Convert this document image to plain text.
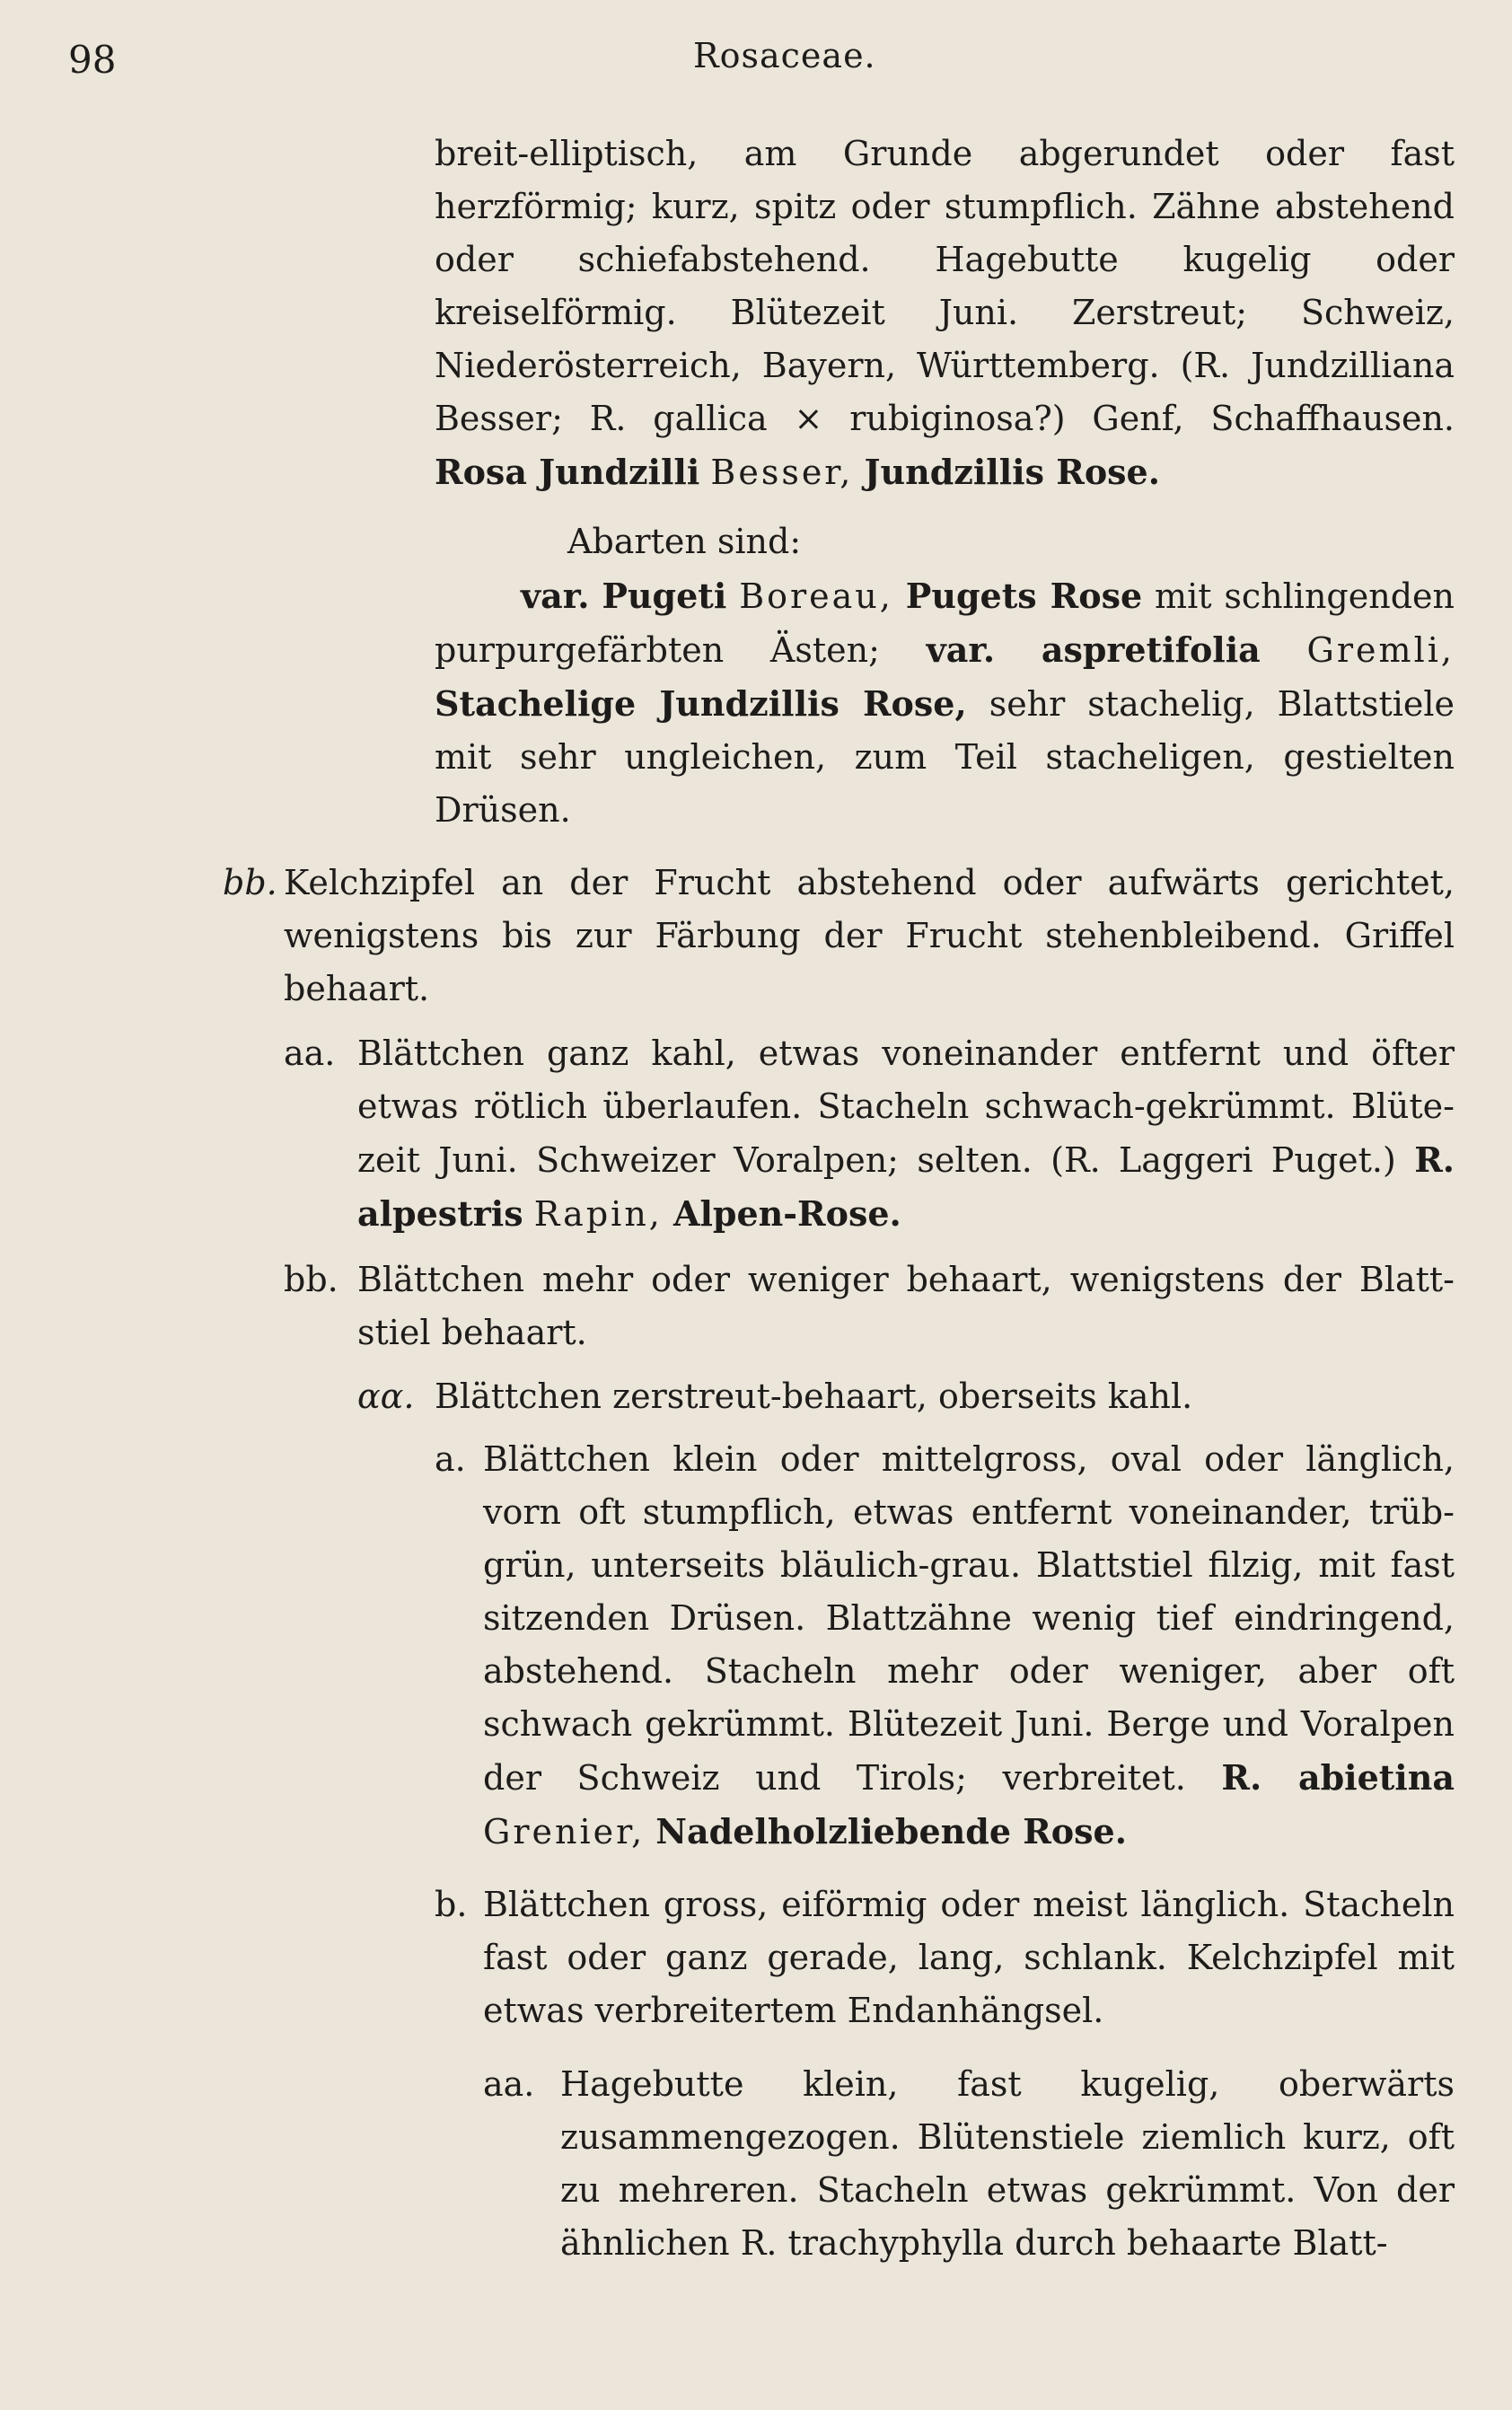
98	Rosaceae.
breit-elliptisch, am Grunde abgerundet oder fast herzförmig; kurz, spitz oder stumpflich. Zähne abstehend oder schiefabstehend. Hagebutte kugelig oder kreiselförmig. Blütezeit Juni. Zerstreut; Schweiz, Niederösterreich, Bayern, Württemberg. (R. Jundzilliana Besser; R. gallica × rubiginosa?) Genf, Schaffhausen. Rosa Jundzilli Besser, Jundzillis Rose.
Abarten sind:
var. Pugeti Boreau, Pugets Rose mit schlingenden purpurgefärbten Ästen; var. aspretifolia Gremli, Stachelige Jundzillis Rose, sehr stachelig, Blattstiele mit sehr ungleichen, zum Teil stacheligen, gestielten Drüsen.
bb. Kelchzipfel an der Frucht abstehend oder aufwärts gerichtet, wenigstens bis zur Färbung der Frucht stehenbleibend. Griffel behaart.
aa. Blättchen ganz kahl, etwas voneinander entfernt und öfter etwas rötlich überlaufen. Stacheln schwach-gekrümmt. Blütezeit Juni. Schweizer Voralpen; selten. (R. Laggeri Puget.) R. alpestris Rapin, Alpen-Rose.
bb. Blättchen mehr oder weniger behaart, wenigstens der Blattstiel behaart.
αα. Blättchen zerstreut-behaart, oberseits kahl.
a. Blättchen klein oder mittelgross, oval oder länglich, vorn oft stumpflich, etwas entfernt voneinander, trübgrün, unterseits bläulich-grau. Blattstiel filzig, mit fast sitzenden Drüsen. Blattzähne wenig tief eindringend, abstehend. Stacheln mehr oder weniger, aber oft schwach gekrümmt. Blütezeit Juni. Berge und Voralpen der Schweiz und Tirols; verbreitet. R. abietina Grenier, Nadelholzliebende Rose.
b. Blättchen gross, eiförmig oder meist länglich. Stacheln fast oder ganz gerade, lang, schlank. Kelchzipfel mit etwas verbreitertem Endanhängsel.
aa. Hagebutte klein, fast kugelig, oberwärts zusammengezogen. Blütenstiele ziemlich kurz, oft zu mehreren. Stacheln etwas gekrümmt. Von der ähnlichen R. trachyphylla durch behaarte Blatt-
